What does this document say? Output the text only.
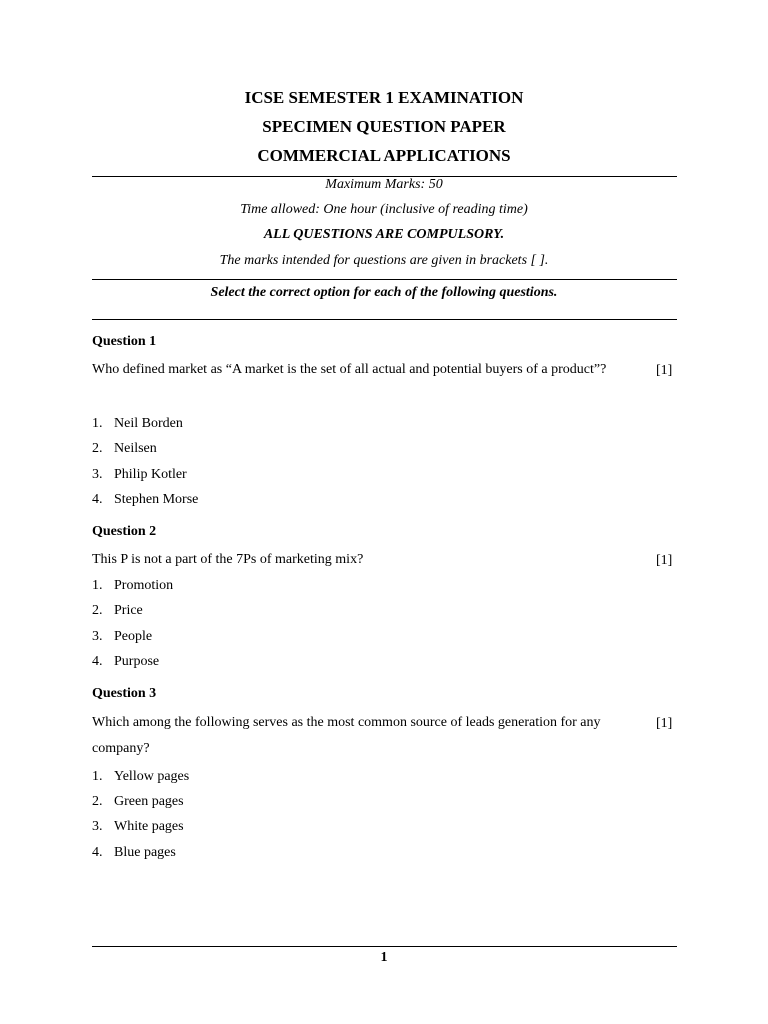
ICSE SEMESTER 1 EXAMINATION
SPECIMEN QUESTION PAPER
COMMERCIAL APPLICATIONS
Maximum Marks: 50
Time allowed: One hour (inclusive of reading time)
ALL QUESTIONS ARE COMPULSORY.
The marks intended for questions are given in brackets [ ].
Select the correct option for each of the following questions.
Question 1
Who defined market as “A market is the set of all actual and potential buyers of a product”?	[1]
1. Neil Borden
2. Neilsen
3. Philip Kotler
4. Stephen Morse
Question 2
This P is not a part of the 7Ps of marketing mix?	[1]
1. Promotion
2. Price
3. People
4. Purpose
Question 3
Which among the following serves as the most common source of leads generation for any company?
[1]
1. Yellow pages
2. Green pages
3. White pages
4. Blue pages
1
